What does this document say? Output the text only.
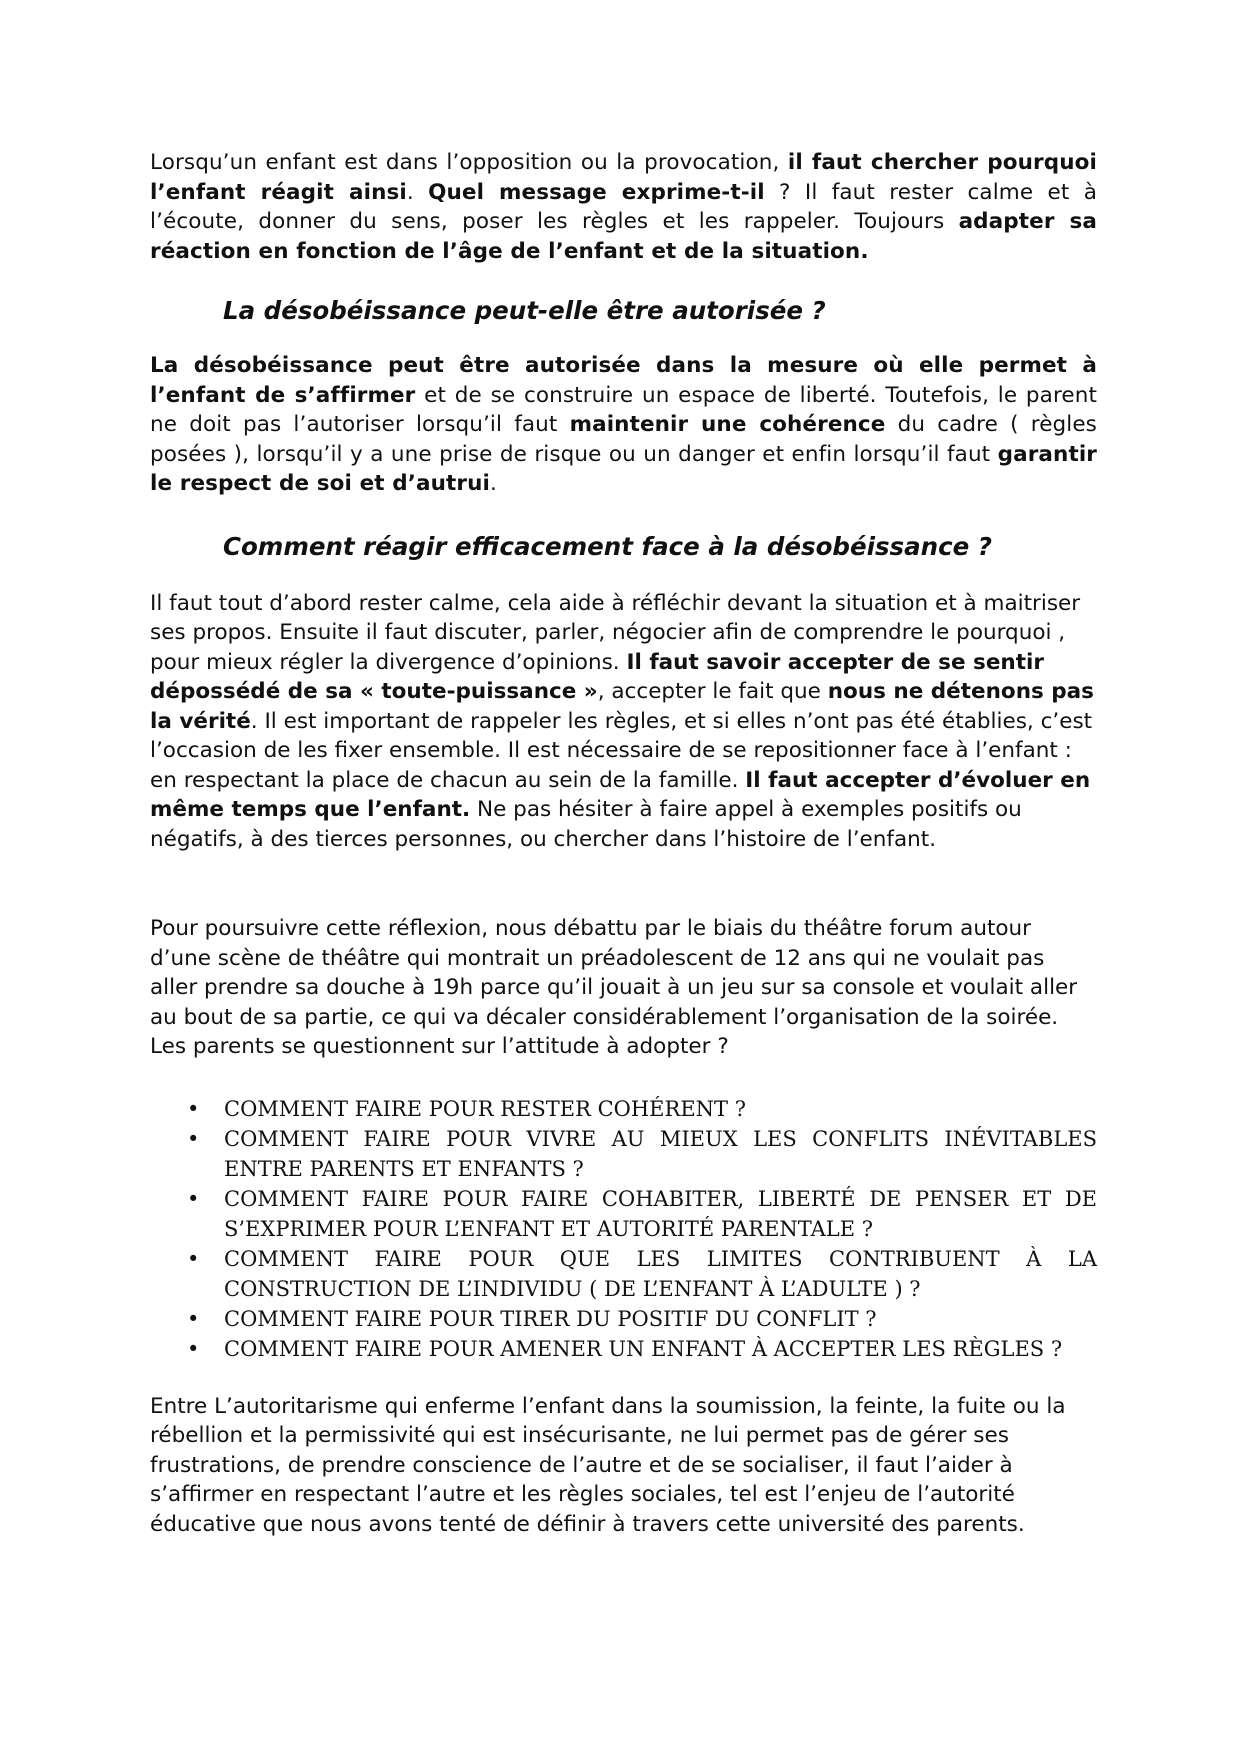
Lorsqu’un enfant est dans l’opposition ou la provocation, il faut chercher pourquoi l’enfant réagit ainsi. Quel message exprime-t-il ? Il faut rester calme et à l’écoute, donner du sens, poser les règles et les rappeler. Toujours adapter sa réaction en fonction de l’âge de l’enfant et de la situation.

La désobéissance peut-elle être autorisée ?

La désobéissance peut être autorisée dans la mesure où elle permet à l’enfant de s’affirmer et de se construire un espace de liberté. Toutefois, le parent ne doit pas l’autoriser lorsqu’il faut maintenir une cohérence du cadre ( règles posées ), lorsqu’il y a une prise de risque ou un danger et enfin lorsqu’il faut garantir le respect de soi et d’autrui.

Comment réagir efficacement face à la désobéissance ?

Il faut tout d’abord rester calme, cela aide à réfléchir devant la situation et à maitriser ses propos. Ensuite il faut discuter, parler, négocier afin de comprendre le pourquoi , pour mieux régler la divergence d’opinions. Il faut savoir accepter de se sentir dépossédé de sa « toute-puissance », accepter le fait que nous ne détenons pas la vérité. Il est important de rappeler les règles, et si elles n’ont pas été établies, c’est l’occasion de les fixer ensemble. Il est nécessaire de se repositionner face à l’enfant : en respectant la place de chacun au sein de la famille. Il faut accepter d’évoluer en même temps que l’enfant. Ne pas hésiter à faire appel à exemples positifs ou négatifs, à des tierces personnes, ou chercher dans l’histoire de l’enfant.

Pour poursuivre cette réflexion, nous débattu par le biais du théâtre forum autour d’une scène de théâtre qui montrait un préadolescent de 12 ans qui ne voulait pas aller prendre sa douche à 19h parce qu’il jouait à un jeu sur sa console et voulait aller au bout de sa partie, ce qui va décaler considérablement l’organisation de la soirée. Les parents se questionnent sur l’attitude à adopter ?

• COMMENT FAIRE POUR RESTER COHÉRENT ?
• COMMENT FAIRE POUR VIVRE AU MIEUX LES CONFLITS INÉVITABLES ENTRE PARENTS ET ENFANTS ?
• COMMENT FAIRE POUR FAIRE COHABITER, LIBERTÉ DE PENSER ET DE S’EXPRIMER POUR L’ENFANT ET AUTORITÉ PARENTALE ?
• COMMENT FAIRE POUR QUE LES LIMITES CONTRIBUENT À LA CONSTRUCTION DE L’INDIVIDU ( DE L’ENFANT À L’ADULTE ) ?
• COMMENT FAIRE POUR TIRER DU POSITIF DU CONFLIT ?
• COMMENT FAIRE POUR AMENER UN ENFANT À ACCEPTER LES RÈGLES ?

Entre L’autoritarisme qui enferme l’enfant dans la soumission, la feinte, la fuite ou la rébellion et la permissivité qui est insécurisante, ne lui permet pas de gérer ses frustrations, de prendre conscience de l’autre et de se socialiser, il faut l’aider à s’affirmer en respectant l’autre et les règles sociales, tel est l’enjeu de l’autorité éducative que nous avons tenté de définir à travers cette université des parents.
